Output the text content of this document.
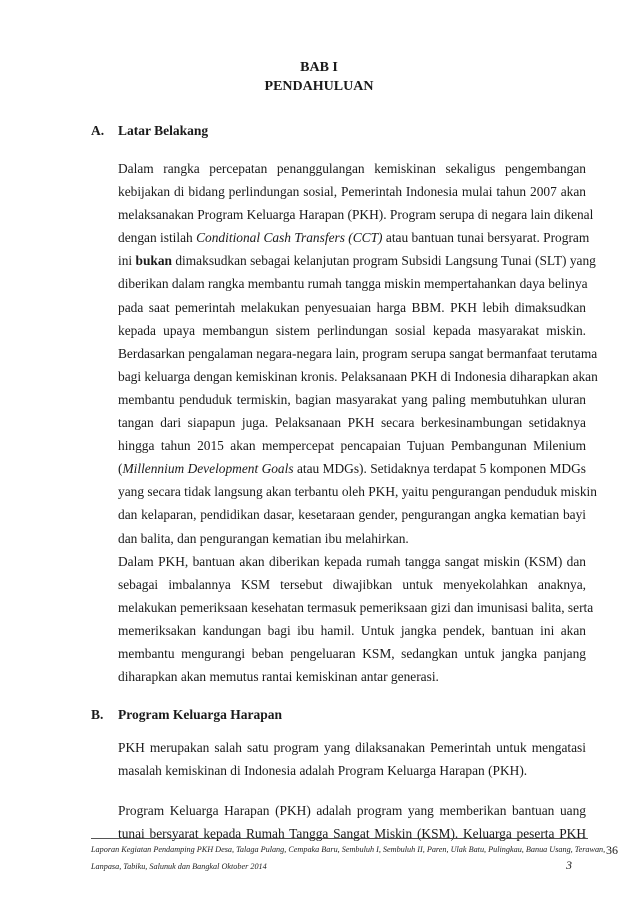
BAB I
PENDAHULUAN
A. Latar Belakang
Dalam rangka percepatan penanggulangan kemiskinan sekaligus pengembangan
kebijakan di bidang perlindungan sosial, Pemerintah Indonesia mulai tahun 2007 akan
melaksanakan Program Keluarga Harapan (PKH). Program serupa di negara lain dikenal
dengan istilah Conditional Cash Transfers (CCT) atau bantuan tunai bersyarat. Program
ini bukan dimaksudkan sebagai kelanjutan program Subsidi Langsung Tunai (SLT) yang
diberikan dalam rangka membantu rumah tangga miskin mempertahankan daya belinya
pada saat pemerintah melakukan penyesuaian harga BBM. PKH lebih dimaksudkan
kepada upaya membangun sistem perlindungan sosial kepada masyarakat miskin.
Berdasarkan pengalaman negara-negara lain, program serupa sangat bermanfaat terutama
bagi keluarga dengan kemiskinan kronis. Pelaksanaan PKH di Indonesia diharapkan akan
membantu penduduk termiskin, bagian masyarakat yang paling membutuhkan uluran
tangan dari siapapun juga. Pelaksanaan PKH secara berkesinambungan setidaknya
hingga tahun 2015 akan mempercepat pencapaian Tujuan Pembangunan Milenium
(Millennium Development Goals atau MDGs). Setidaknya terdapat 5 komponen MDGs
yang secara tidak langsung akan terbantu oleh PKH, yaitu pengurangan penduduk miskin
dan kelaparan, pendidikan dasar, kesetaraan gender, pengurangan angka kematian bayi
dan balita, dan pengurangan kematian ibu melahirkan.
Dalam PKH, bantuan akan diberikan kepada rumah tangga sangat miskin (KSM) dan
sebagai imbalannya KSM tersebut diwajibkan untuk menyekolahkan anaknya,
melakukan pemeriksaan kesehatan termasuk pemeriksaan gizi dan imunisasi balita, serta
memeriksakan kandungan bagi ibu hamil. Untuk jangka pendek, bantuan ini akan
membantu mengurangi beban pengeluaran KSM, sedangkan untuk jangka panjang
diharapkan akan memutus rantai kemiskinan antar generasi.
B. Program Keluarga Harapan
PKH merupakan salah satu program yang dilaksanakan Pemerintah untuk mengatasi
masalah kemiskinan di Indonesia adalah Program Keluarga Harapan (PKH).
Program Keluarga Harapan (PKH) adalah program yang memberikan bantuan uang
tunai bersyarat kepada Rumah Tangga Sangat Miskin (KSM). Keluarga peserta PKH
Laporan Kegiatan Pendamping PKH Desa, Talaga Pulang, Cempaka Baru, Sembuluh I, Sembuluh II, Paren, Ulak Batu, Pulingkau, Banua Usang, Terawan,
Lanpasa, Tabiku, Salunuk dan Bangkal Oktober 2014	3
36
